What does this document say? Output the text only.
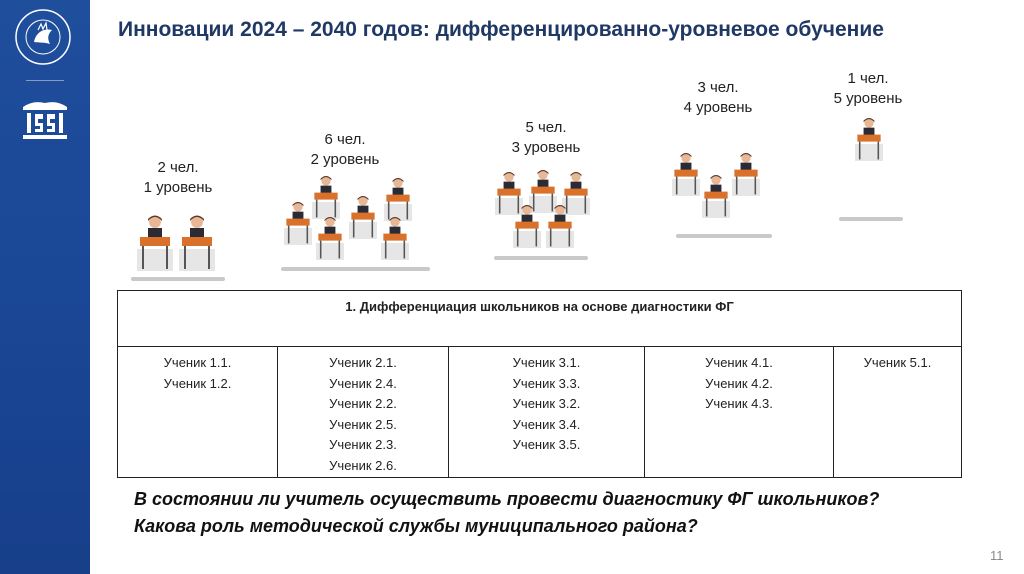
Инновации 2024 – 2040 годов: дифференцированно-уровневое обучение
2 чел.
1 уровень
6 чел.
2 уровень
5 чел.
3 уровень
3 чел.
4 уровень
1 чел.
5 уровень
1. Дифференциация школьников на основе диагностики ФГ

Ученик 1.1.
Ученик 1.2.

Ученик 2.1.
Ученик 2.4.
Ученик 2.2.
Ученик 2.5.
Ученик 2.3.
Ученик 2.6.

Ученик 3.1.
Ученик 3.3.
Ученик 3.2.
Ученик 3.4.
Ученик 3.5.

Ученик 4.1.
Ученик 4.2.
Ученик 4.3.

Ученик 5.1.
В состоянии ли учитель осуществить провести диагностику ФГ школьников?
Какова роль методической службы муниципального района?
11
